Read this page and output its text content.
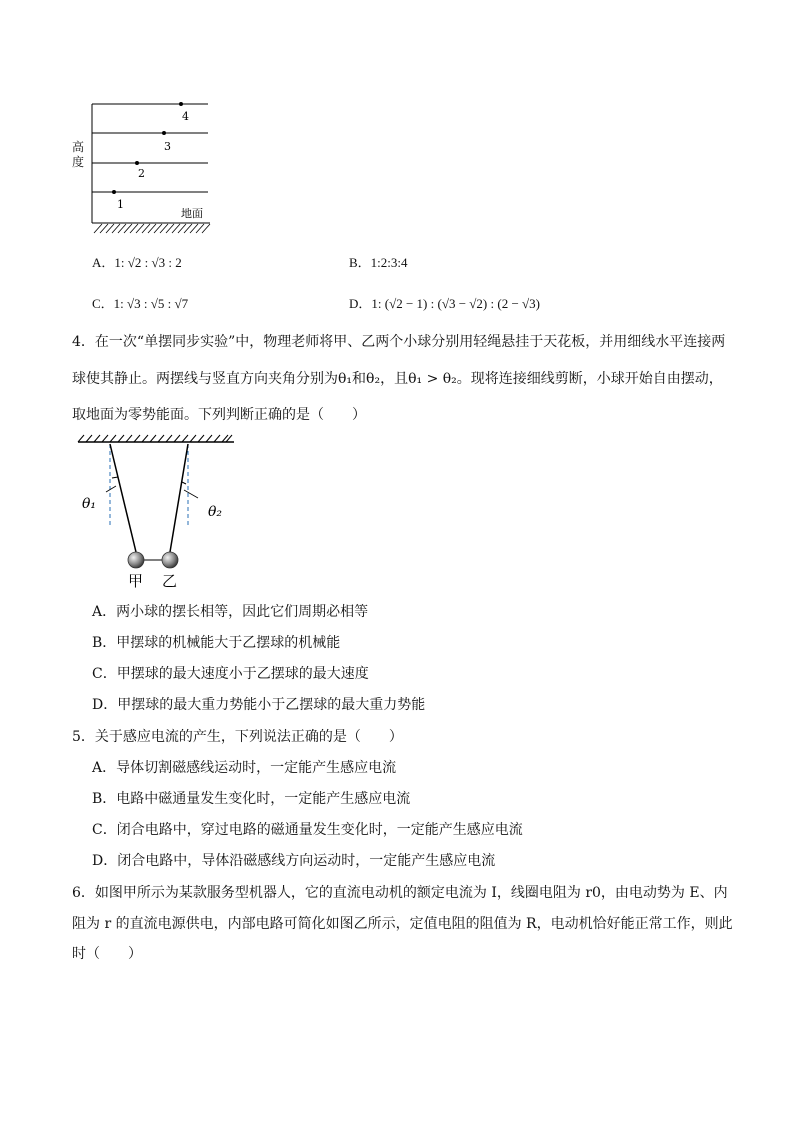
4
3
2
1
地面
高度
A．1: √2 : √3 : 2	B．1:2:3:4
C．1: √3 : √5 : √7	D．1: (√2 − 1) : (√3 − √2) : (2 − √3)
4．在一次“单摆同步实验”中，物理老师将甲、乙两个小球分别用轻绳悬挂于天花板，并用细线水平连接两
球使其静止。两摆线与竖直方向夹角分别为θ₁和θ₂，且θ₁ > θ₂。现将连接细线剪断，小球开始自由摆动，
取地面为零势能面。下列判断正确的是（　　）
θ₁	θ₂
甲 乙
A．两小球的摆长相等，因此它们周期必相等
B．甲摆球的机械能大于乙摆球的机械能
C．甲摆球的最大速度小于乙摆球的最大速度
D．甲摆球的最大重力势能小于乙摆球的最大重力势能
5．关于感应电流的产生，下列说法正确的是（　　）
A．导体切割磁感线运动时，一定能产生感应电流
B．电路中磁通量发生变化时，一定能产生感应电流
C．闭合电路中，穿过电路的磁通量发生变化时，一定能产生感应电流
D．闭合电路中，导体沿磁感线方向运动时，一定能产生感应电流
6．如图甲所示为某款服务型机器人，它的直流电动机的额定电流为 I，线圈电阻为 r0，由电动势为 E、内
阻为 r 的直流电源供电，内部电路可简化如图乙所示，定值电阻的阻值为 R，电动机恰好能正常工作，则此
时（　　）
